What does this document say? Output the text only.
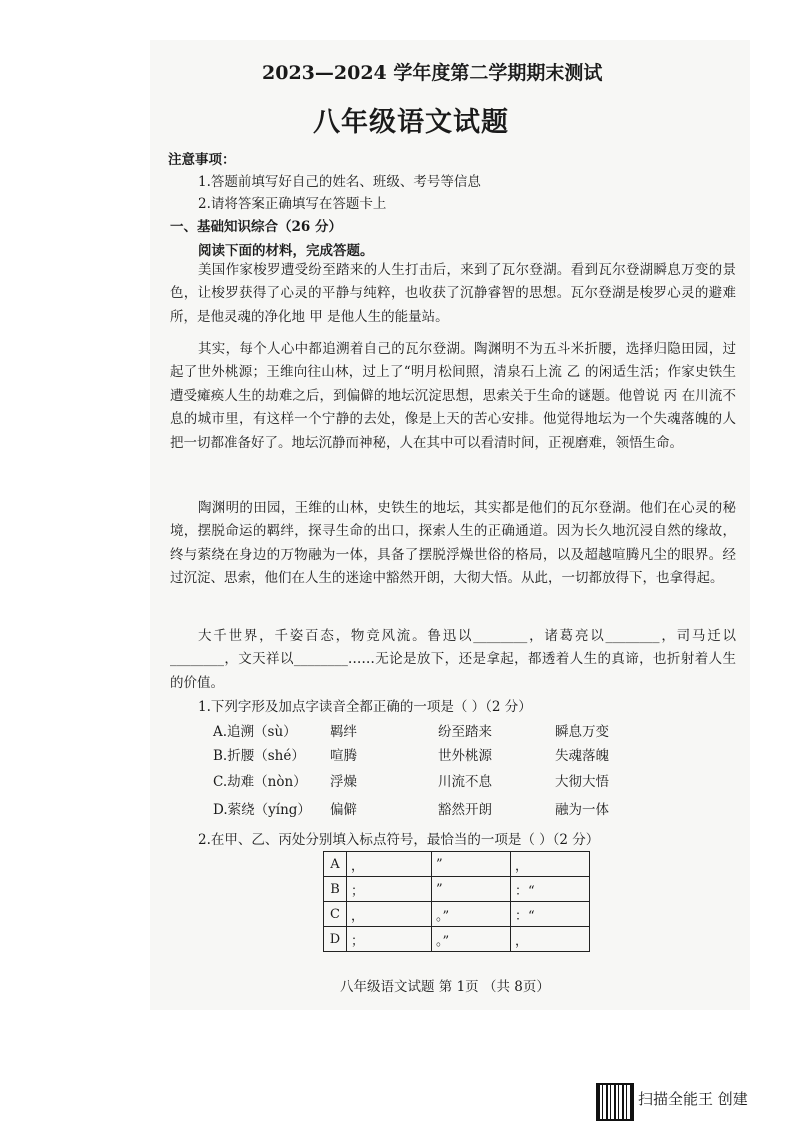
2023—2024 学年度第二学期期末测试
八年级语文试题
注意事项：
1.答题前填写好自己的姓名、班级、考号等信息
2.请将答案正确填写在答题卡上
一、基础知识综合（26 分）
阅读下面的材料，完成答题。
美国作家梭罗遭受纷至踏来的人生打击后，来到了瓦尔登湖。看到瓦尔登湖瞬息万变的景色，让梭罗获得了心灵的平静与纯粹，也收获了沉静睿智的思想。瓦尔登湖是梭罗心灵的避难所，是他灵魂的净化地 甲 是他人生的能量站。
其实，每个人心中都追溯着自己的瓦尔登湖。陶渊明不为五斗米折腰，选择归隐田园，过起了世外桃源；王维向往山林，过上了“明月松间照，清泉石上流 乙 的闲适生活；作家史铁生遭受瘫痪人生的劫难之后，到偏僻的地坛沉淀思想，思索关于生命的谜题。他曾说 丙 在川流不息的城市里，有这样一个宁静的去处，像是上天的苦心安排。他觉得地坛为一个失魂落魄的人把一切都准备好了。地坛沉静而神秘，人在其中可以看清时间，正视磨难，领悟生命。
陶渊明的田园，王维的山林，史铁生的地坛，其实都是他们的瓦尔登湖。他们在心灵的秘境，摆脱命运的羁绊，探寻生命的出口，探索人生的正确通道。因为长久地沉浸自然的缘故，终与萦绕在身边的万物融为一体，具备了摆脱浮燥世俗的格局，以及超越喧腾凡尘的眼界。经过沉淀、思索，他们在人生的迷途中豁然开朗，大彻大悟。从此，一切都放得下，也拿得起。
大千世界，千姿百态，物竞风流。鲁迅以________，诸葛亮以________，司马迁以________，文天祥以________……无论是放下，还是拿起，都透着人生的真谛，也折射着人生的价值。
1.下列字形及加点字读音全都正确的一项是（ ）（2 分）
A.追溯（sù） 羁绊	纷至踏来	瞬息万变
B.折腰（shé） 喧腾	世外桃源	失魂落魄
C.劫难（nòn） 浮燥	川流不息	大彻大悟
D.萦绕（yíng） 偏僻	豁然开朗	融为一体
2.在甲、乙、丙处分别填入标点符号，最恰当的一项是（ ）（2 分）
A	，	”	，
B	；	”	：“
C	，	。”	：“
D	；	。”	，
八年级语文试题 第 1页 （共 8页）
扫描全能王 创建
